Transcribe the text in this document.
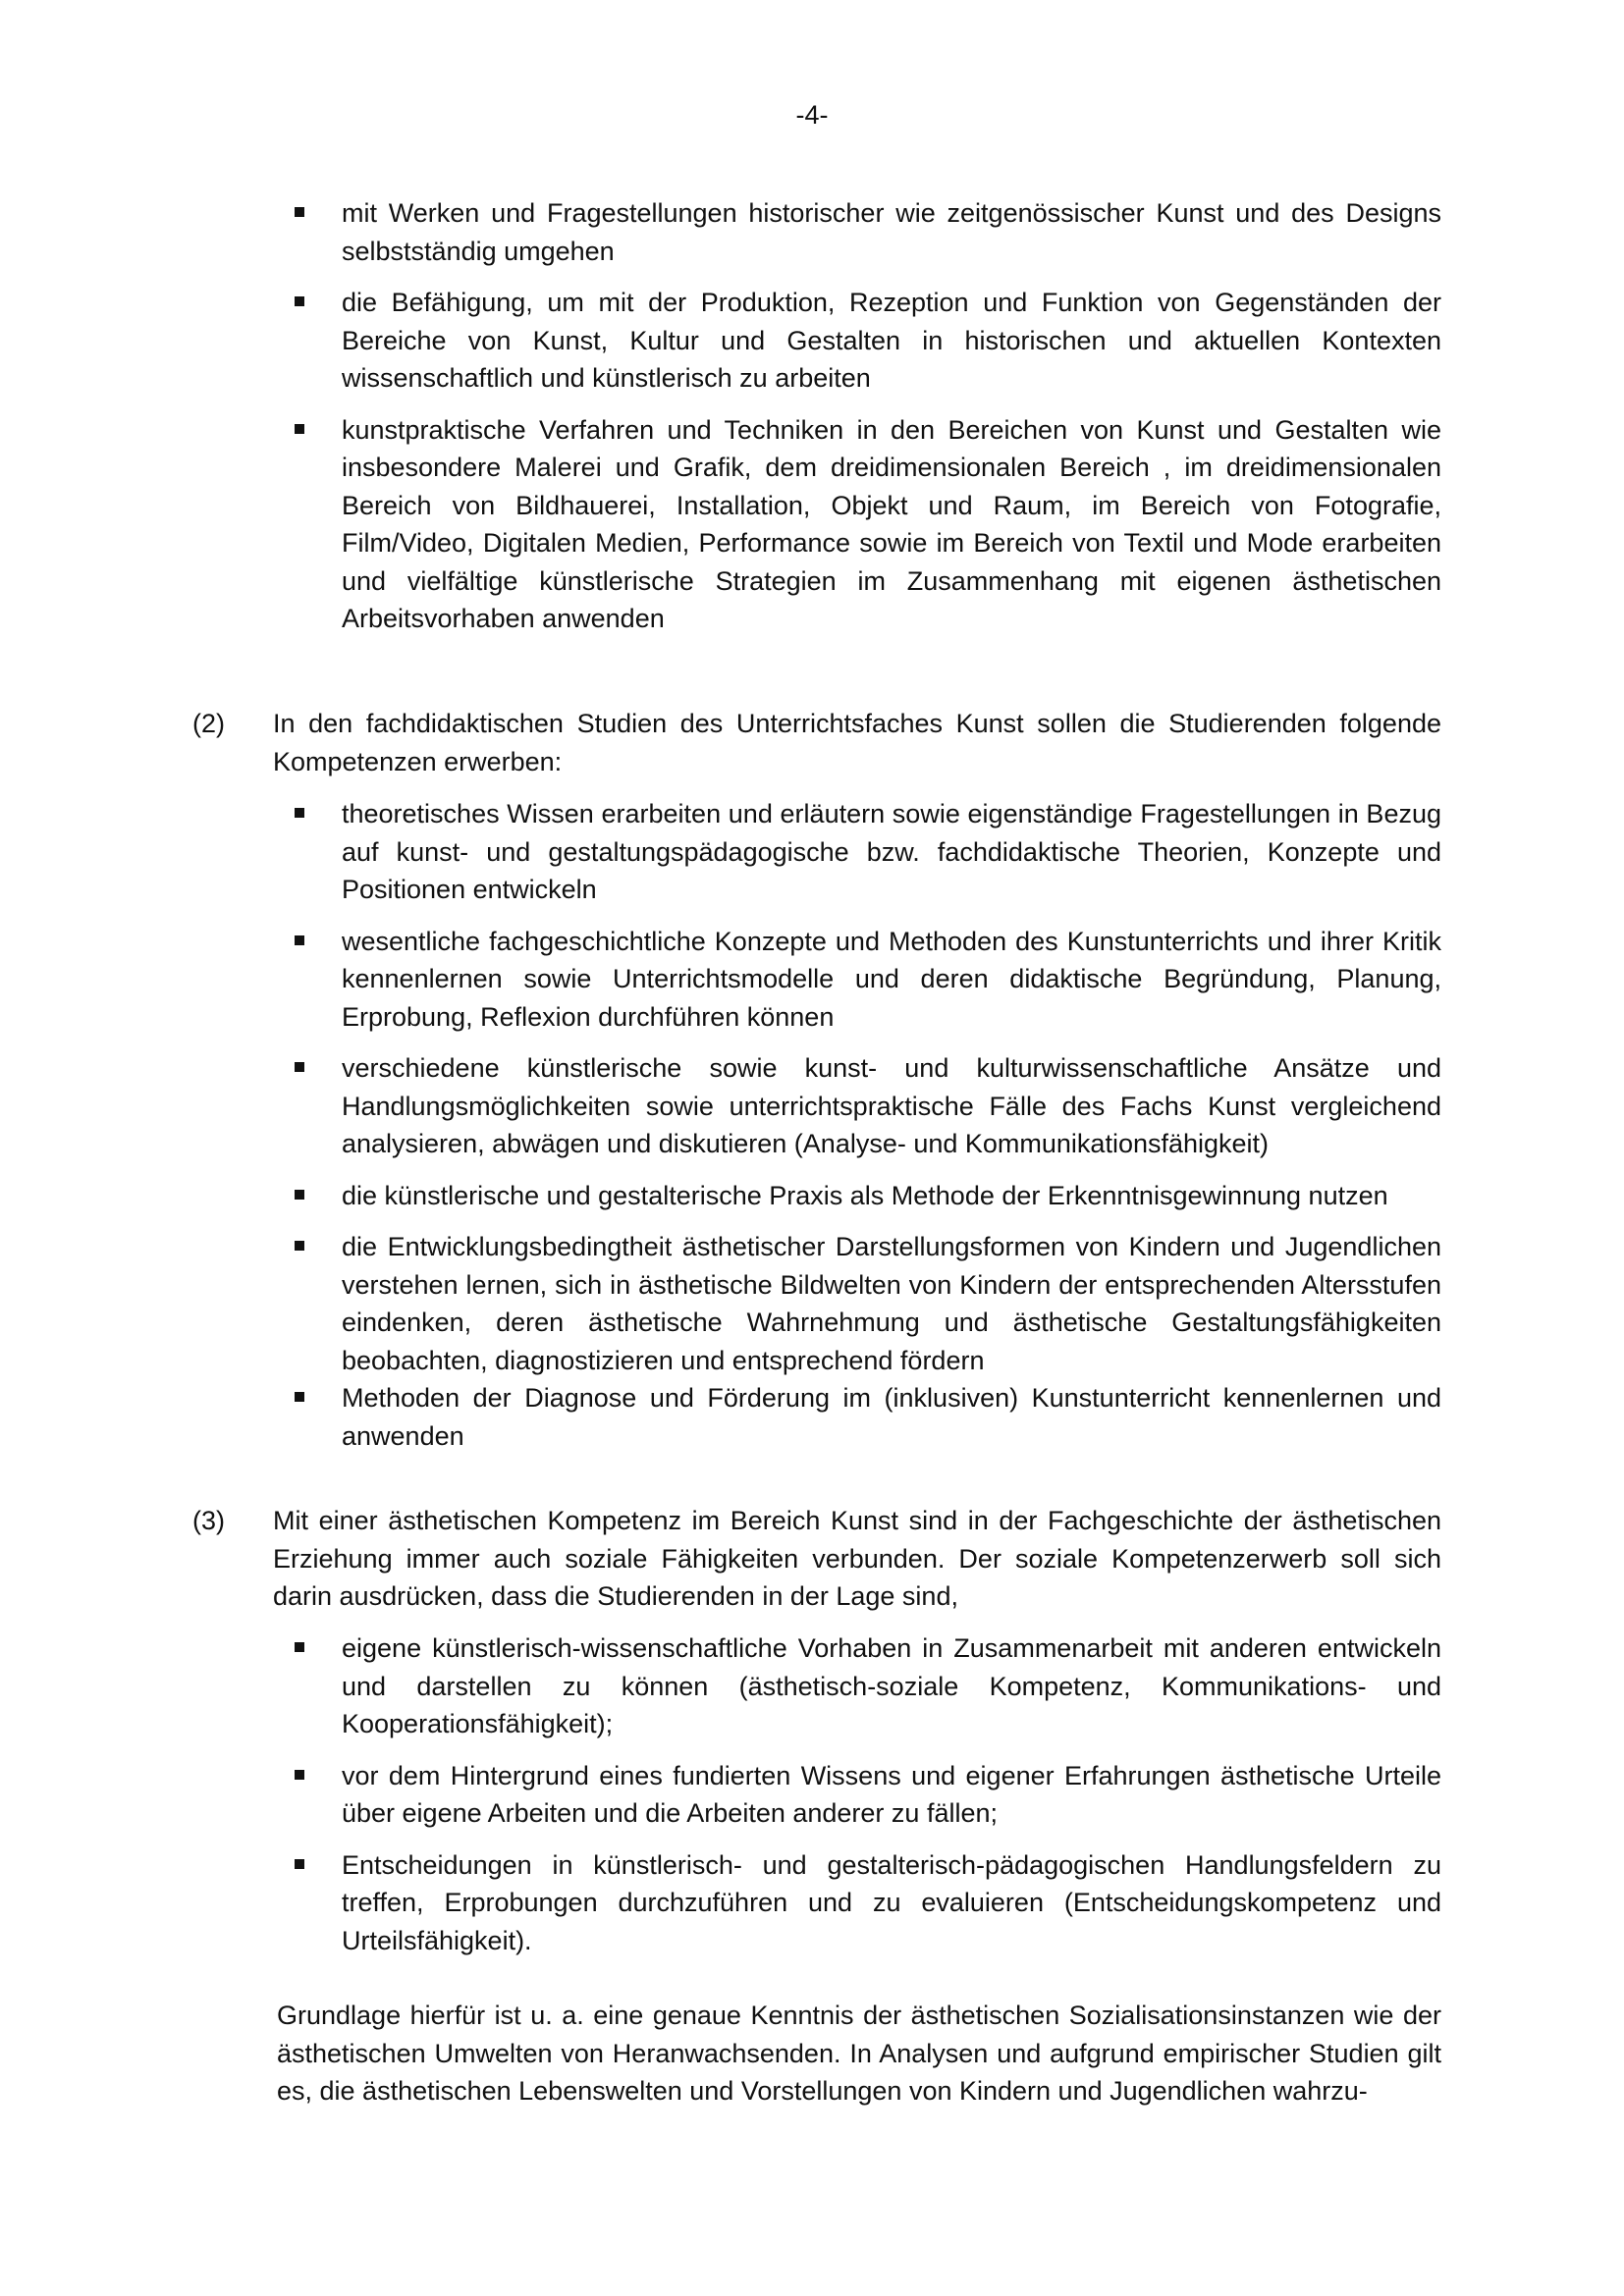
-4-
mit Werken und Fragestellungen historischer wie zeitgenössischer Kunst und des Designs selbstständig umgehen
die Befähigung, um mit der Produktion, Rezeption und Funktion von Gegenständen der Bereiche von Kunst, Kultur und Gestalten in historischen und aktuellen Kontexten wissenschaftlich und künstlerisch zu arbeiten
kunstpraktische Verfahren und Techniken in den Bereichen von Kunst und Gestalten wie insbesondere Malerei und Grafik, dem dreidimensionalen Bereich , im dreidimensionalen Bereich von Bildhauerei, Installation, Objekt und Raum, im Bereich von Fotografie, Film/Video, Digitalen Medien, Performance sowie im Bereich von Textil und Mode erarbeiten und vielfältige künstlerische Strategien im Zusammenhang mit eigenen ästhetischen Arbeitsvorhaben anwenden
(2) In den fachdidaktischen Studien des Unterrichtsfaches Kunst sollen die Studierenden folgende Kompetenzen erwerben:
theoretisches Wissen erarbeiten und erläutern sowie eigenständige Fragestellungen in Bezug auf kunst- und gestaltungspädagogische bzw. fachdidaktische Theorien, Konzepte und Positionen entwickeln
wesentliche fachgeschichtliche Konzepte und Methoden des Kunstunterrichts und ihrer Kritik kennenlernen sowie Unterrichtsmodelle und deren didaktische Begründung, Planung, Erprobung, Reflexion durchführen können
verschiedene künstlerische sowie kunst- und kulturwissenschaftliche Ansätze und Handlungsmöglichkeiten sowie unterrichtspraktische Fälle des Fachs Kunst vergleichend analysieren, abwägen und diskutieren (Analyse- und Kommunikationsfähigkeit)
die künstlerische und gestalterische Praxis als Methode der Erkenntnisgewinnung nutzen
die Entwicklungsbedingtheit ästhetischer Darstellungsformen von Kindern und Jugendlichen verstehen lernen, sich in ästhetische Bildwelten von Kindern der entsprechenden Altersstufen eindenken, deren ästhetische Wahrnehmung und ästhetische Gestaltungsfähigkeiten beobachten, diagnostizieren und entsprechend fördern
Methoden der Diagnose und Förderung im (inklusiven) Kunstunterricht kennenlernen und anwenden
(3) Mit einer ästhetischen Kompetenz im Bereich Kunst sind in der Fachgeschichte der ästhetischen Erziehung immer auch soziale Fähigkeiten verbunden. Der soziale Kompetenzerwerb soll sich darin ausdrücken, dass die Studierenden in der Lage sind,
eigene künstlerisch-wissenschaftliche Vorhaben in Zusammenarbeit mit anderen entwickeln und darstellen zu können (ästhetisch-soziale Kompetenz, Kommunikations- und Kooperationsfähigkeit);
vor dem Hintergrund eines fundierten Wissens und eigener Erfahrungen ästhetische Urteile über eigene Arbeiten und die Arbeiten anderer zu fällen;
Entscheidungen in künstlerisch- und gestalterisch-pädagogischen Handlungsfeldern zu treffen, Erprobungen durchzuführen und zu evaluieren (Entscheidungskompetenz und Urteilsfähigkeit).
Grundlage hierfür ist u. a. eine genaue Kenntnis der ästhetischen Sozialisationsinstanzen wie der ästhetischen Umwelten von Heranwachsenden. In Analysen und aufgrund empirischer Studien gilt es, die ästhetischen Lebenswelten und Vorstellungen von Kindern und Jugendlichen wahrzu-
